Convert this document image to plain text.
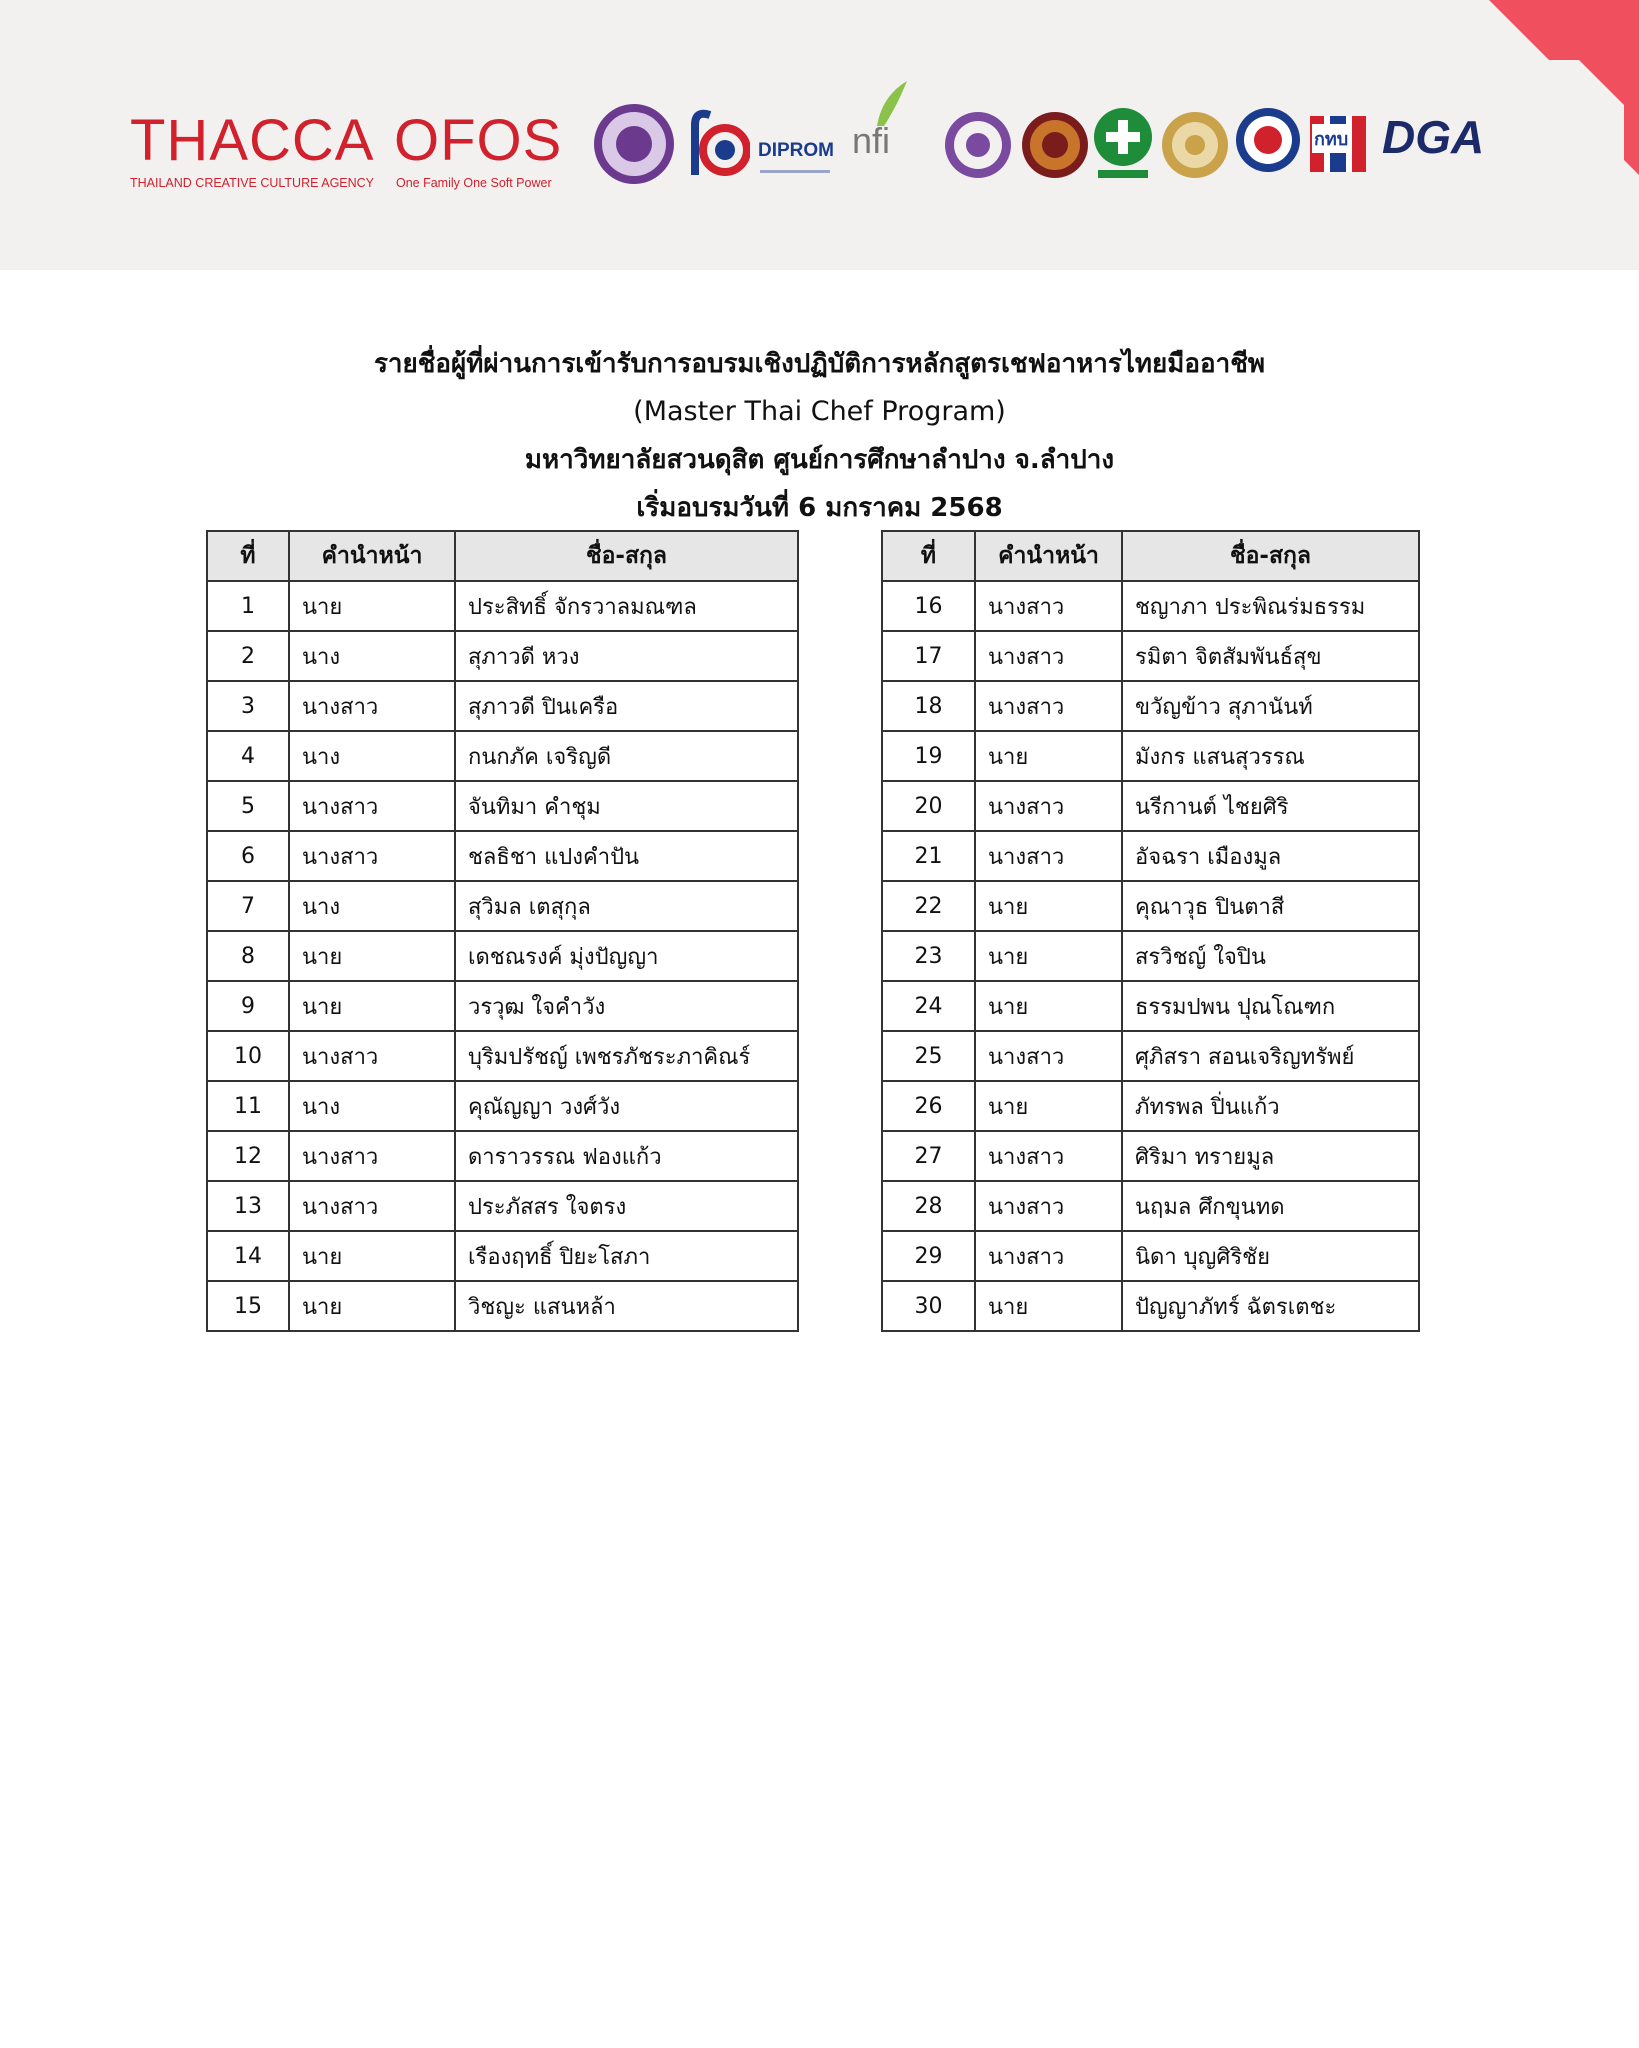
THACCA
THAILAND CREATIVE CULTURE AGENCY
OFOS
One Family One Soft Power
DIPROM nfi	กทบ DGA
รายชื่อผู้ที่ผ่านการเข้ารับการอบรมเชิงปฏิบัติการหลักสูตรเชฟอาหารไทยมืออาชีพ
(Master Thai Chef Program)
มหาวิทยาลัยสวนดุสิต ศูนย์การศึกษาลำปาง จ.ลำปาง
เริ่มอบรมวันที่ 6 มกราคม 2568
ที่	คำนำหน้า	ชื่อ-สกุล
1	นาย	ประสิทธิ์ จักรวาลมณฑล
2	นาง	สุภาวดี หวง
3	นางสาว	สุภาวดี ปินเครือ
4	นาง	กนกภัค เจริญดี
5	นางสาว	จันทิมา คำชุม
6	นางสาว	ชลธิชา แปงคำปัน
7	นาง	สุวิมล เตสุกุล
8	นาย	เดชณรงค์ มุ่งปัญญา
9	นาย	วรวุฒ ใจคำวัง
10	นางสาว	บุริมปรัชญ์ เพชรภัชระภาคิณร์
11	นาง	คุณัญญา วงศ์วัง
12	นางสาว	ดาราวรรณ ฟองแก้ว
13	นางสาว	ประภัสสร ใจตรง
14	นาย	เรืองฤทธิ์ ปิยะโสภา
15	นาย	วิชญะ แสนหล้า
ที่	คำนำหน้า	ชื่อ-สกุล
16	นางสาว	ชญาภา ประพิณร่มธรรม
17	นางสาว	รมิตา จิตสัมพันธ์สุข
18	นางสาว	ขวัญข้าว สุภานันท์
19	นาย	มังกร แสนสุวรรณ
20	นางสาว	นรีกานต์ ไชยศิริ
21	นางสาว	อัจฉรา เมืองมูล
22	นาย	คุณาวุธ ปินตาสี
23	นาย	สรวิชญ์ ใจปิน
24	นาย	ธรรมปพน ปุณโณฑก
25	นางสาว	ศุภิสรา สอนเจริญทรัพย์
26	นาย	ภัทรพล ปิ่นแก้ว
27	นางสาว	ศิริมา ทรายมูล
28	นางสาว	นฤมล ศึกขุนทด
29	นางสาว	นิดา บุญศิริชัย
30	นาย	ปัญญาภัทร์ ฉัตรเตชะ
